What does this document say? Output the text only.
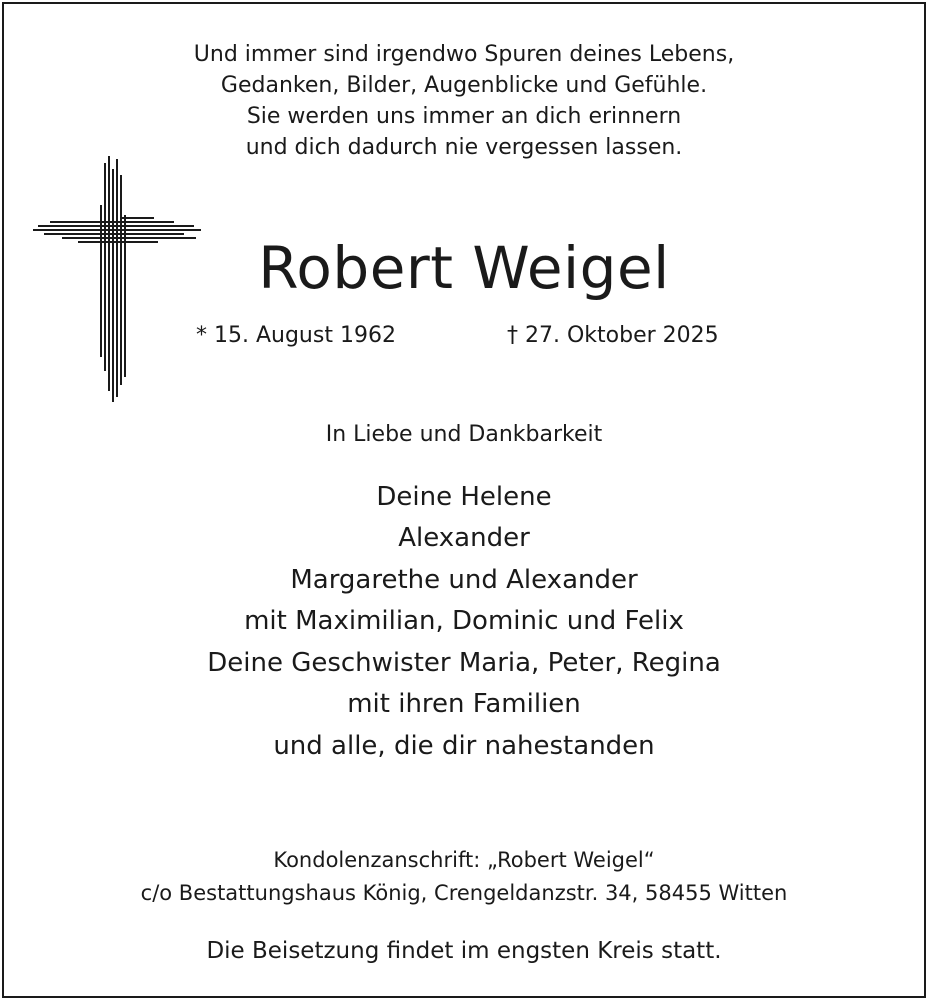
Und immer sind irgendwo Spuren deines Lebens,
Gedanken, Bilder, Augenblicke und Gefühle.
Sie werden uns immer an dich erinnern
und dich dadurch nie vergessen lassen.
Robert Weigel
* 15. August 1962	† 27. Oktober 2025
In Liebe und Dankbarkeit
Deine Helene
Alexander
Margarethe und Alexander
mit Maximilian, Dominic und Felix
Deine Geschwister Maria, Peter, Regina
mit ihren Familien
und alle, die dir nahestanden
Kondolenzanschrift: „Robert Weigel“
c/o Bestattungshaus König, Crengeldanzstr. 34, 58455 Witten
Die Beisetzung findet im engsten Kreis statt.
